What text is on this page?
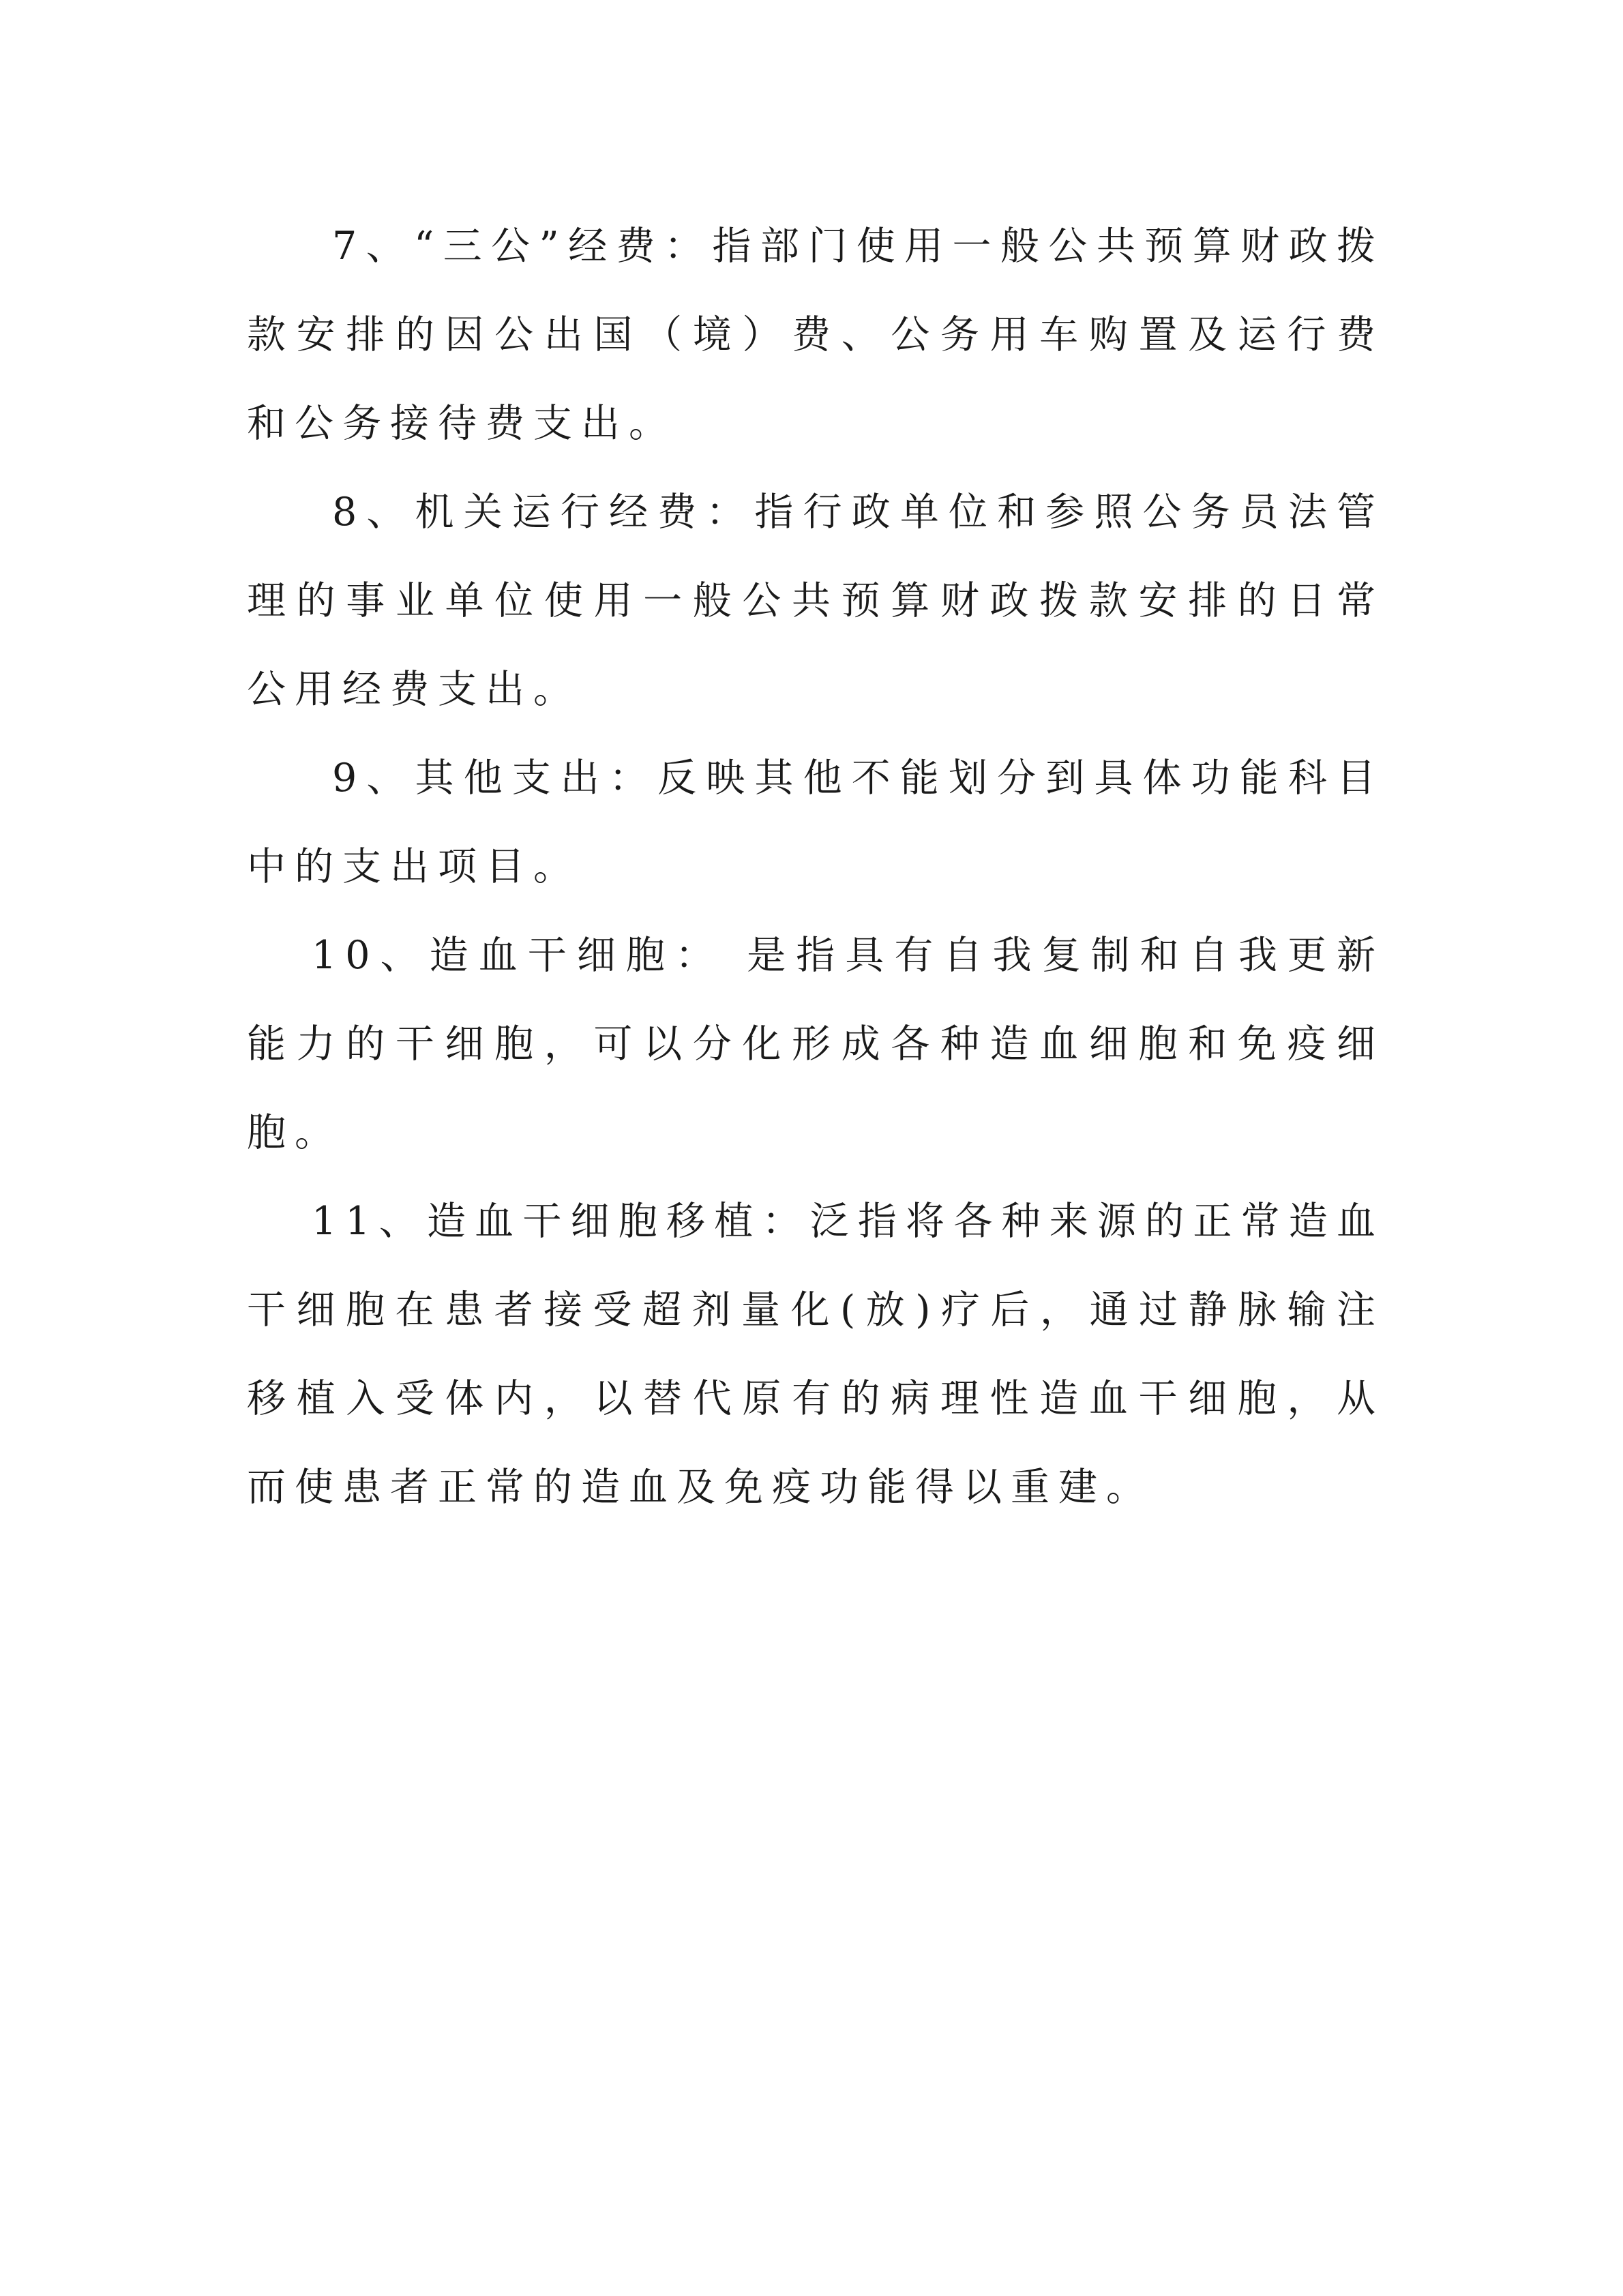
7、“三公”经费：指部门使用一般公共预算财政拨款安排的因公出国（境）费、公务用车购置及运行费和公务接待费支出。

8、机关运行经费：指行政单位和参照公务员法管理的事业单位使用一般公共预算财政拨款安排的日常公用经费支出。

9、其他支出：反映其他不能划分到具体功能科目中的支出项目。

10、造血干细胞： 是指具有自我复制和自我更新能力的干细胞，可以分化形成各种造血细胞和免疫细胞。

11、造血干细胞移植：泛指将各种来源的正常造血干细胞在患者接受超剂量化(放)疗后，通过静脉输注移植入受体内，以替代原有的病理性造血干细胞，从而使患者正常的造血及免疫功能得以重建。
